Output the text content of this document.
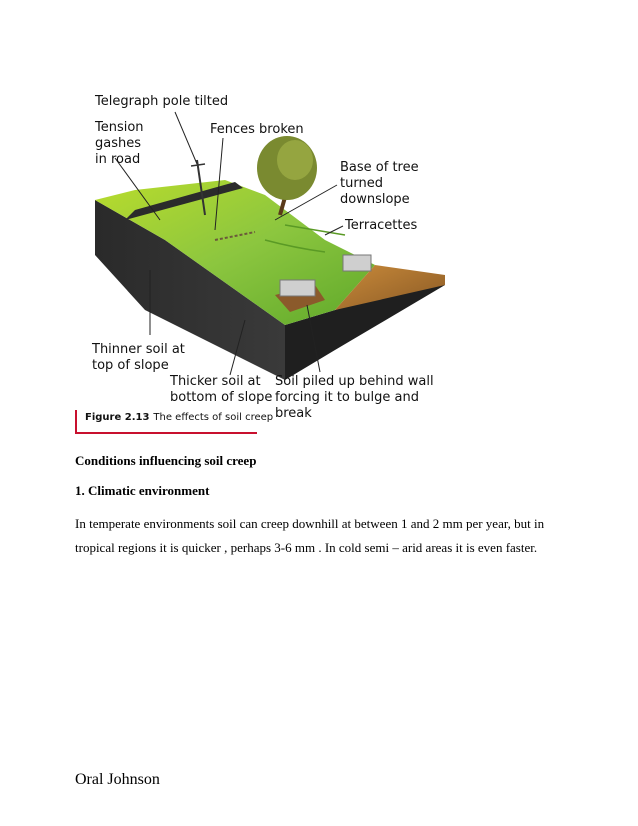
Telegraph pole tilted
Tension
gashes
in road
Fences broken
Base of tree turned
downslope
Terracettes
Thinner soil at
top of slope
Thicker soil at
bottom of slope
Soil piled up behind wall
forcing it to bulge and break
Figure 2.13 The effects of soil creep
Conditions influencing soil creep
1. Climatic environment
In temperate environments soil can creep downhill at between 1 and 2 mm per year, but in tropical regions it is quicker , perhaps 3-6 mm . In cold semi – arid areas it is even faster.
Oral Johnson
